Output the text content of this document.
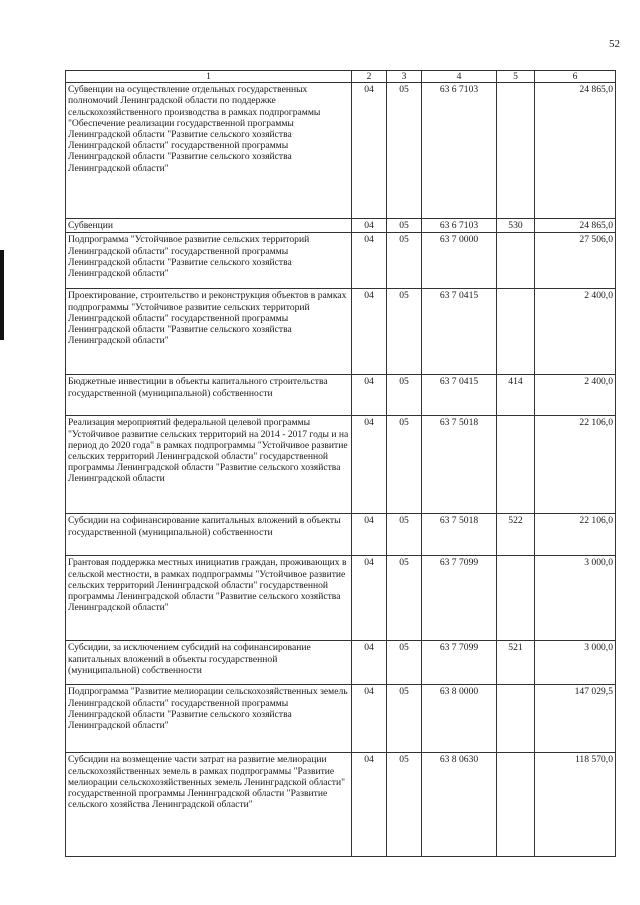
52
1	2	3	4	5	6
Субвенции на осуществление отдельных государственных полномочий Ленинградской области по поддержке сельскохозяйственного производства в рамках подпрограммы "Обеспечение реализации государственной программы Ленинградской области "Развитие сельского хозяйства Ленинградской области" государственной программы Ленинградской области "Развитие сельского хозяйства Ленинградской области"	04	05	63 6 7103		24 865,0
Субвенции	04	05	63 6 7103	530	24 865,0
Подпрограмма "Устойчивое развитие сельских территорий Ленинградской области" государственной программы Ленинградской области "Развитие сельского хозяйства Ленинградской области"	04	05	63 7 0000		27 506,0
Проектирование, строительство и реконструкция объектов в рамках подпрограммы "Устойчивое развитие сельских территорий Ленинградской области" государственной программы Ленинградской области "Развитие сельского хозяйства Ленинградской области"	04	05	63 7 0415		2 400,0
Бюджетные инвестиции в объекты капитального строительства государственной (муниципальной) собственности	04	05	63 7 0415	414	2 400,0
Реализация мероприятий федеральной целевой программы "Устойчивое развитие сельских территорий на 2014 - 2017 годы и на период до 2020 года" в рамках подпрограммы "Устойчивое развитие сельских территорий Ленинградской области" государственной программы Ленинградской области "Развитие сельского хозяйства Ленинградской области	04	05	63 7 5018		22 106,0
Субсидии на софинансирование капитальных вложений в объекты государственной (муниципальной) собственности	04	05	63 7 5018	522	22 106,0
Грантовая поддержка местных инициатив граждан, проживающих в сельской местности, в рамках подпрограммы "Устойчивое развитие сельских территорий Ленинградской области" государственной программы Ленинградской области "Развитие сельского хозяйства Ленинградской области"	04	05	63 7 7099		3 000,0
Субсидии, за исключением субсидий на софинансирование капитальных вложений в объекты государственной (муниципальной) собственности	04	05	63 7 7099	521	3 000,0
Подпрограмма "Развитие мелиорации сельскохозяйственных земель Ленинградской области" государственной программы Ленинградской области "Развитие сельского хозяйства Ленинградской области"	04	05	63 8 0000		147 029,5
Субсидии на возмещение части затрат на развитие мелиорации сельскохозяйственных земель в рамках подпрограммы "Развитие мелиорации сельскохозяйственных земель Ленинградской области" государственной программы Ленинградской области "Развитие сельского хозяйства Ленинградской области"	04	05	63 8 0630		118 570,0
